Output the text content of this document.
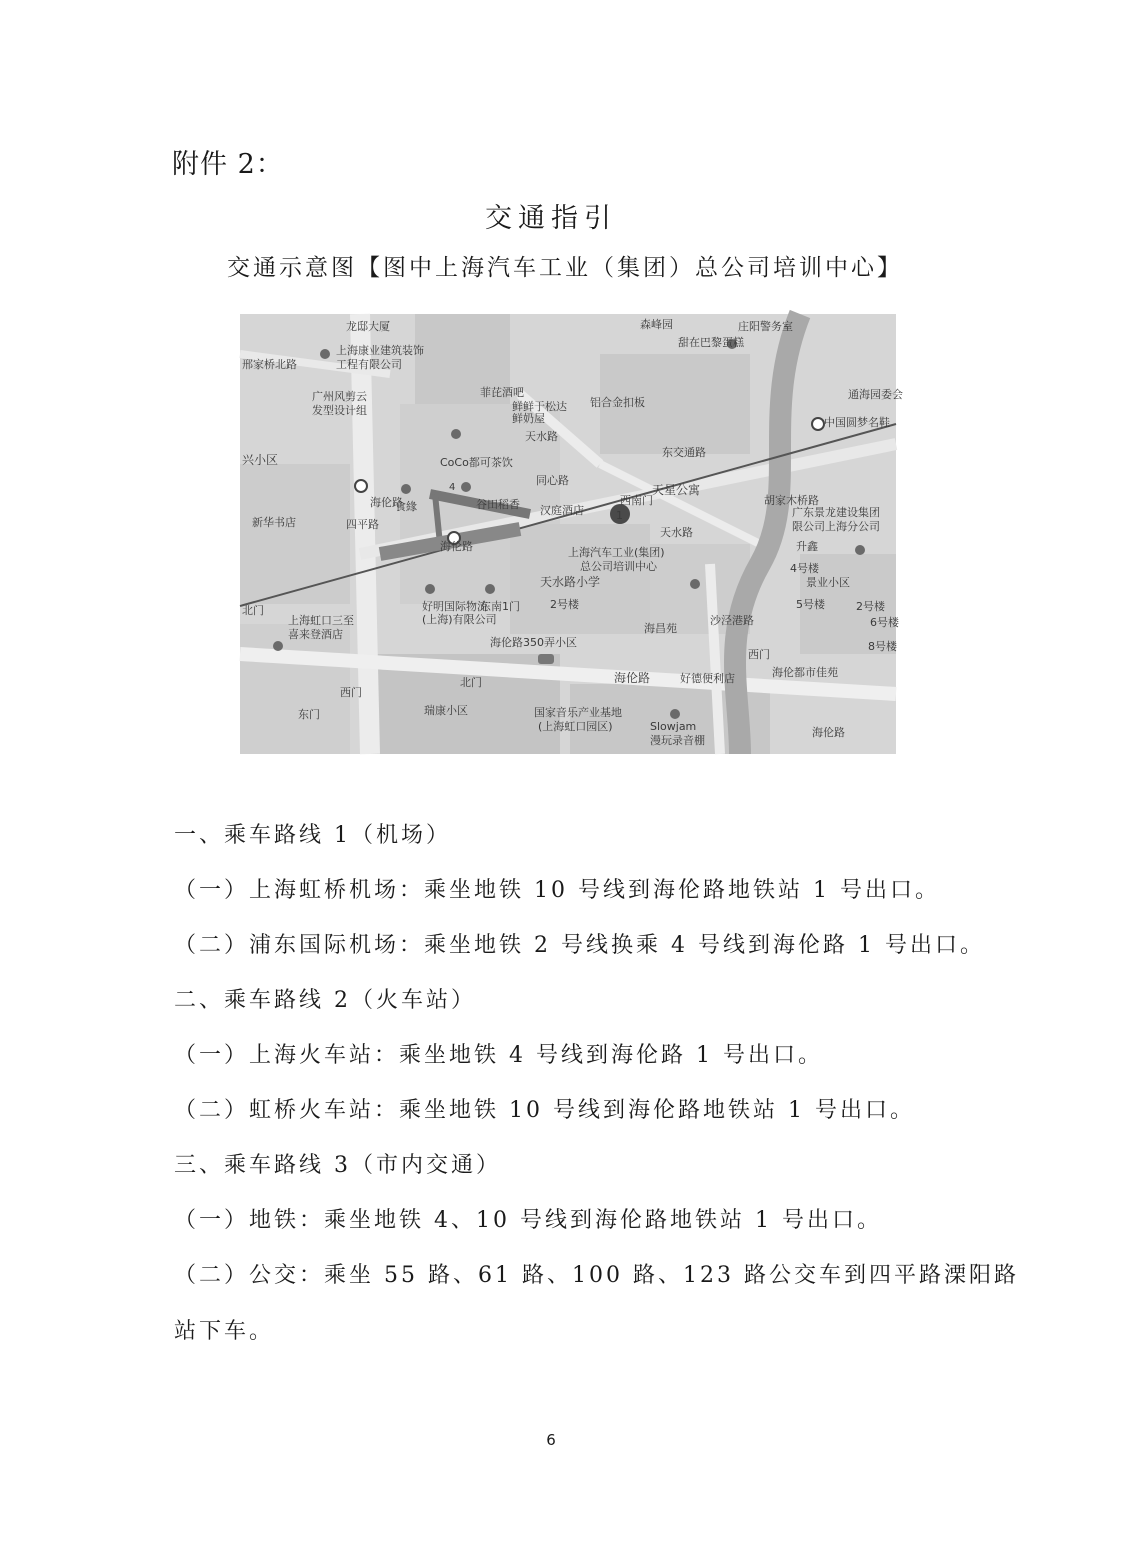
附件 2：
交通指引
交通示意图【图中上海汽车工业（集团）总公司培训中心】
1
4
龙邸大厦
上海康业建筑装饰
工程有限公司
邢家桥北路
广州风剪云
发型设计组
兴小区
海伦路
四平路
新华书店
北门
上海虹口三至
喜来登酒店
西门
东门
菲芘酒吧
鲜鲜于松达
鲜奶屋
铝合金扣板
CoCo都可茶饮
食緣	谷田稻香
天水路
同心路
海伦路
好明国际物流
(上海)有限公司
东南1门
森峰园
甜在巴黎蛋糕
庄阳警务室
东交通路
天星公寓
西南门
汉庭酒店
天水路
上海汽车工业(集团)
总公司培训中心
天水路小学
2号楼
海昌苑
海伦路350弄小区
海伦路
北门
瑞康小区	国家音乐产业基地
(上海虹口园区)	Slowjam
漫玩录音棚
好德便利店
西门
海伦都市佳苑
海伦路
沙泾港路
胡家木桥路
中国圆梦名鞋
通海园委会
广东景龙建设集团
限公司上海分公司
景业小区
4号楼
5号楼	2号楼
6号楼
8号楼
升鑫
一、乘车路线 1（机场）
（一）上海虹桥机场：乘坐地铁 10 号线到海伦路地铁站 1 号出口。
（二）浦东国际机场：乘坐地铁 2 号线换乘 4 号线到海伦路 1 号出口。
二、乘车路线 2（火车站）
（一）上海火车站：乘坐地铁 4 号线到海伦路 1 号出口。
（二）虹桥火车站：乘坐地铁 10 号线到海伦路地铁站 1 号出口。
三、乘车路线 3（市内交通）
（一）地铁：乘坐地铁 4、10 号线到海伦路地铁站 1 号出口。
（二）公交：乘坐 55 路、61 路、100 路、123 路公交车到四平路溧阳路
站下车。
6
